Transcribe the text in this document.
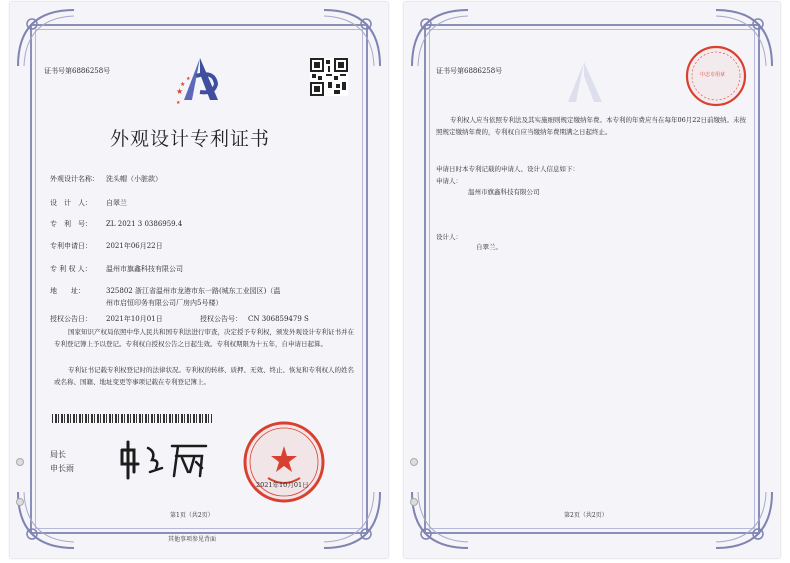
证书号第6886258号
★
★
★
★
外观设计专利证书
外观设计名称： 洗头帽（小脏款）
设　计　人： 自翠兰
专　利　号： ZL 2021 3 0386959.4
专利申请日： 2021年06月22日
专 利 权 人： 温州市旗鑫科技有限公司
地　　址：	325802 浙江省温州市龙港市东一路(城东工业园区)（温
州市启恒印务有限公司厂房内5号楼）
授权公告日： 2021年10月01日	授权公告号： CN 306859479 S
国家知识产权局依照中华人民共和国专利法进行审查，决定授予专利权，颁发外观设计专利证书并在专利登记簿上予以登记。专利权自授权公告之日起生效。专利权期限为十五年，自申请日起算。
专利证书记载专利权登记时的法律状况。专利权的转移、质押、无效、终止、恢复和专利权人的姓名或名称、国籍、地址变更等事项记载在专利登记簿上。
局长
申长雨
2021年10月01日
第1页（共2页）
其他事项参见背面
证书号第6886258号	中志专用章
专利权人应当依照专利法及其实施细则规定缴纳年费。本专利的年费应当在每年06月22日前缴纳。未按照规定缴纳年费的，专利权自应当缴纳年费期满之日起终止。
申请日时本专利记载的申请人、设计人信息如下：
申请人：
温州市旗鑫科技有限公司
设计人：
自翠兰。
第2页（共2页）
